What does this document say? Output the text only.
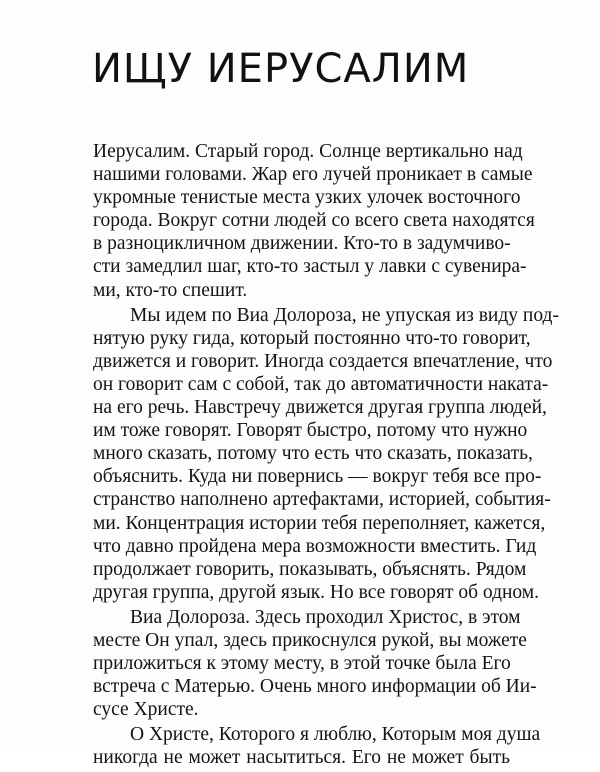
ИЩУ ИЕРУСАЛИМ

Иерусалим. Старый город. Солнце вертикально над
нашими головами. Жар его лучей проникает в самые
укромные тенистые места узких улочек восточного
города. Вокруг сотни людей со всего света находятся
в разноцикличном движении. Кто-то в задумчиво-
сти замедлил шаг, кто-то застыл у лавки с сувенира-
ми, кто-то спешит.

Мы идем по Виа Долороза, не упуская из виду под-
нятую руку гида, который постоянно что-то говорит,
движется и говорит. Иногда создается впечатление, что
он говорит сам с собой, так до автоматичности наката-
на его речь. Навстречу движется другая группа людей,
им тоже говорят. Говорят быстро, потому что нужно
много сказать, потому что есть что сказать, показать,
объяснить. Куда ни повернись — вокруг тебя все про-
странство наполнено артефактами, историей, события-
ми. Концентрация истории тебя переполняет, кажется,
что давно пройдена мера возможности вместить. Гид
продолжает говорить, показывать, объяснять. Рядом
другая группа, другой язык. Но все говорят об одном.

Виа Долороза. Здесь проходил Христос, в этом
месте Он упал, здесь прикоснулся рукой, вы можете
приложиться к этому месту, в этой точке была Его
встреча с Матерью. Очень много информации об Ии-
сусе Христе.

О Христе, Которого я люблю, Которым моя душа
никогда не может насытиться. Его не может быть
